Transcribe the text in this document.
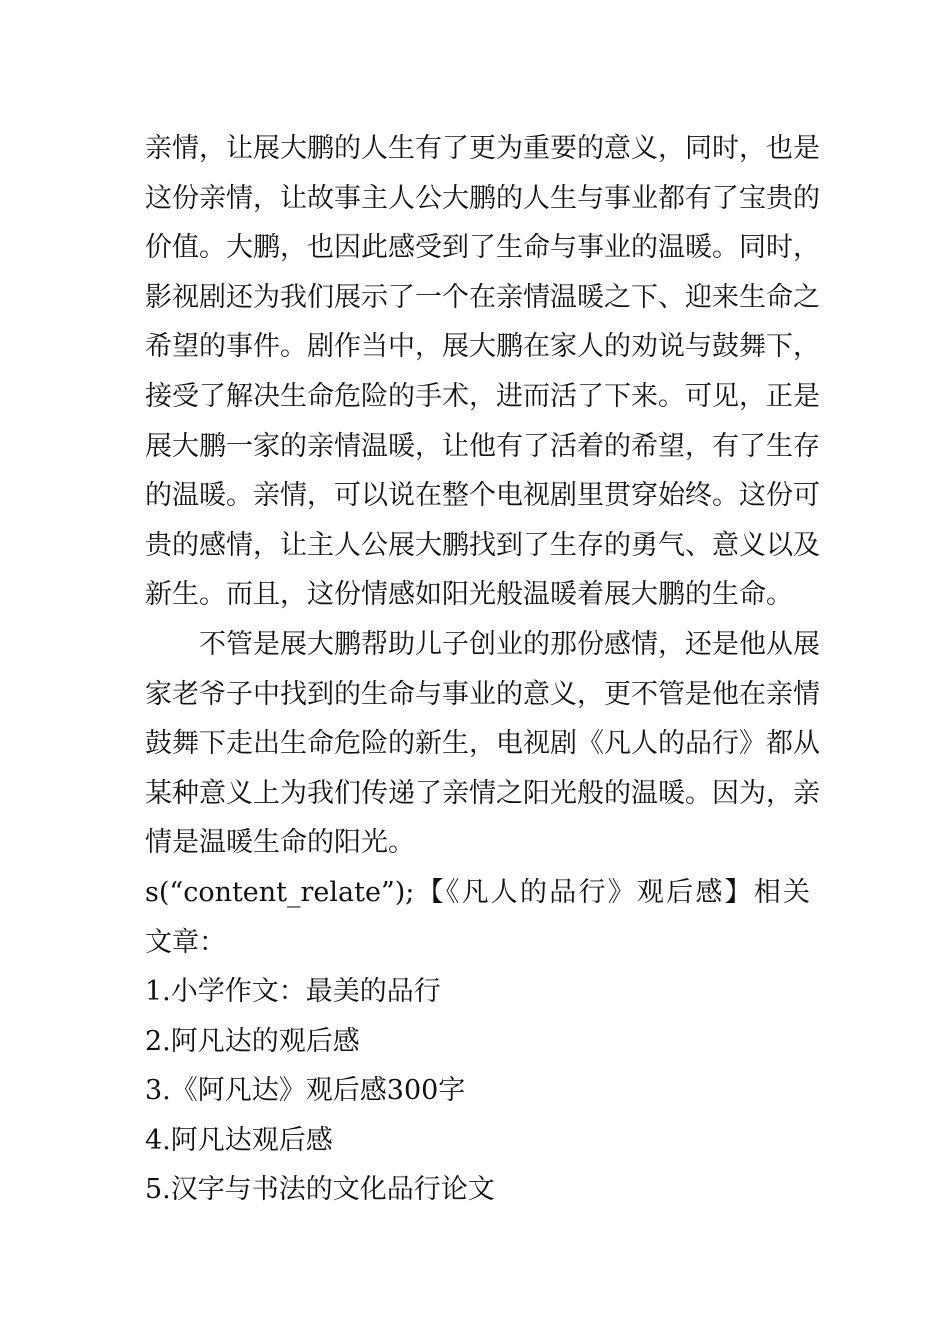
亲情，让展大鹏的人生有了更为重要的意义，同时，也是
这份亲情，让故事主人公大鹏的人生与事业都有了宝贵的
价值。大鹏，也因此感受到了生命与事业的温暖。同时，
影视剧还为我们展示了一个在亲情温暖之下、迎来生命之
希望的事件。剧作当中，展大鹏在家人的劝说与鼓舞下，
接受了解决生命危险的手术，进而活了下来。可见，正是
展大鹏一家的亲情温暖，让他有了活着的希望，有了生存
的温暖。亲情，可以说在整个电视剧里贯穿始终。这份可
贵的感情，让主人公展大鹏找到了生存的勇气、意义以及
新生。而且，这份情感如阳光般温暖着展大鹏的生命。
不管是展大鹏帮助儿子创业的那份感情，还是他从展
家老爷子中找到的生命与事业的意义，更不管是他在亲情
鼓舞下走出生命危险的新生，电视剧《凡人的品行》都从
某种意义上为我们传递了亲情之阳光般的温暖。因为，亲
情是温暖生命的阳光。
s(“content_relate”);【《凡人的品行》观后感】相关
文章：
1.小学作文：最美的品行
2.阿凡达的观后感
3.《阿凡达》观后感300字
4.阿凡达观后感
5.汉字与书法的文化品行论文
